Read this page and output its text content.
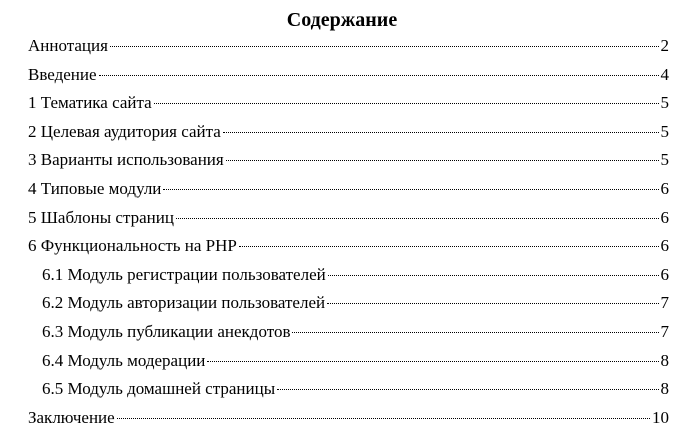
Содержание
Аннотация	2
Введение	4
1 Тематика сайта	5
2 Целевая аудитория сайта	5
3 Варианты использования	5
4 Типовые модули	6
5 Шаблоны страниц	6
6 Функциональность на PHP	6
6.1 Модуль регистрации пользователей	6
6.2 Модуль авторизации пользователей	7
6.3 Модуль публикации анекдотов	7
6.4 Модуль модерации	8
6.5 Модуль домашней страницы	8
Заключение	10
